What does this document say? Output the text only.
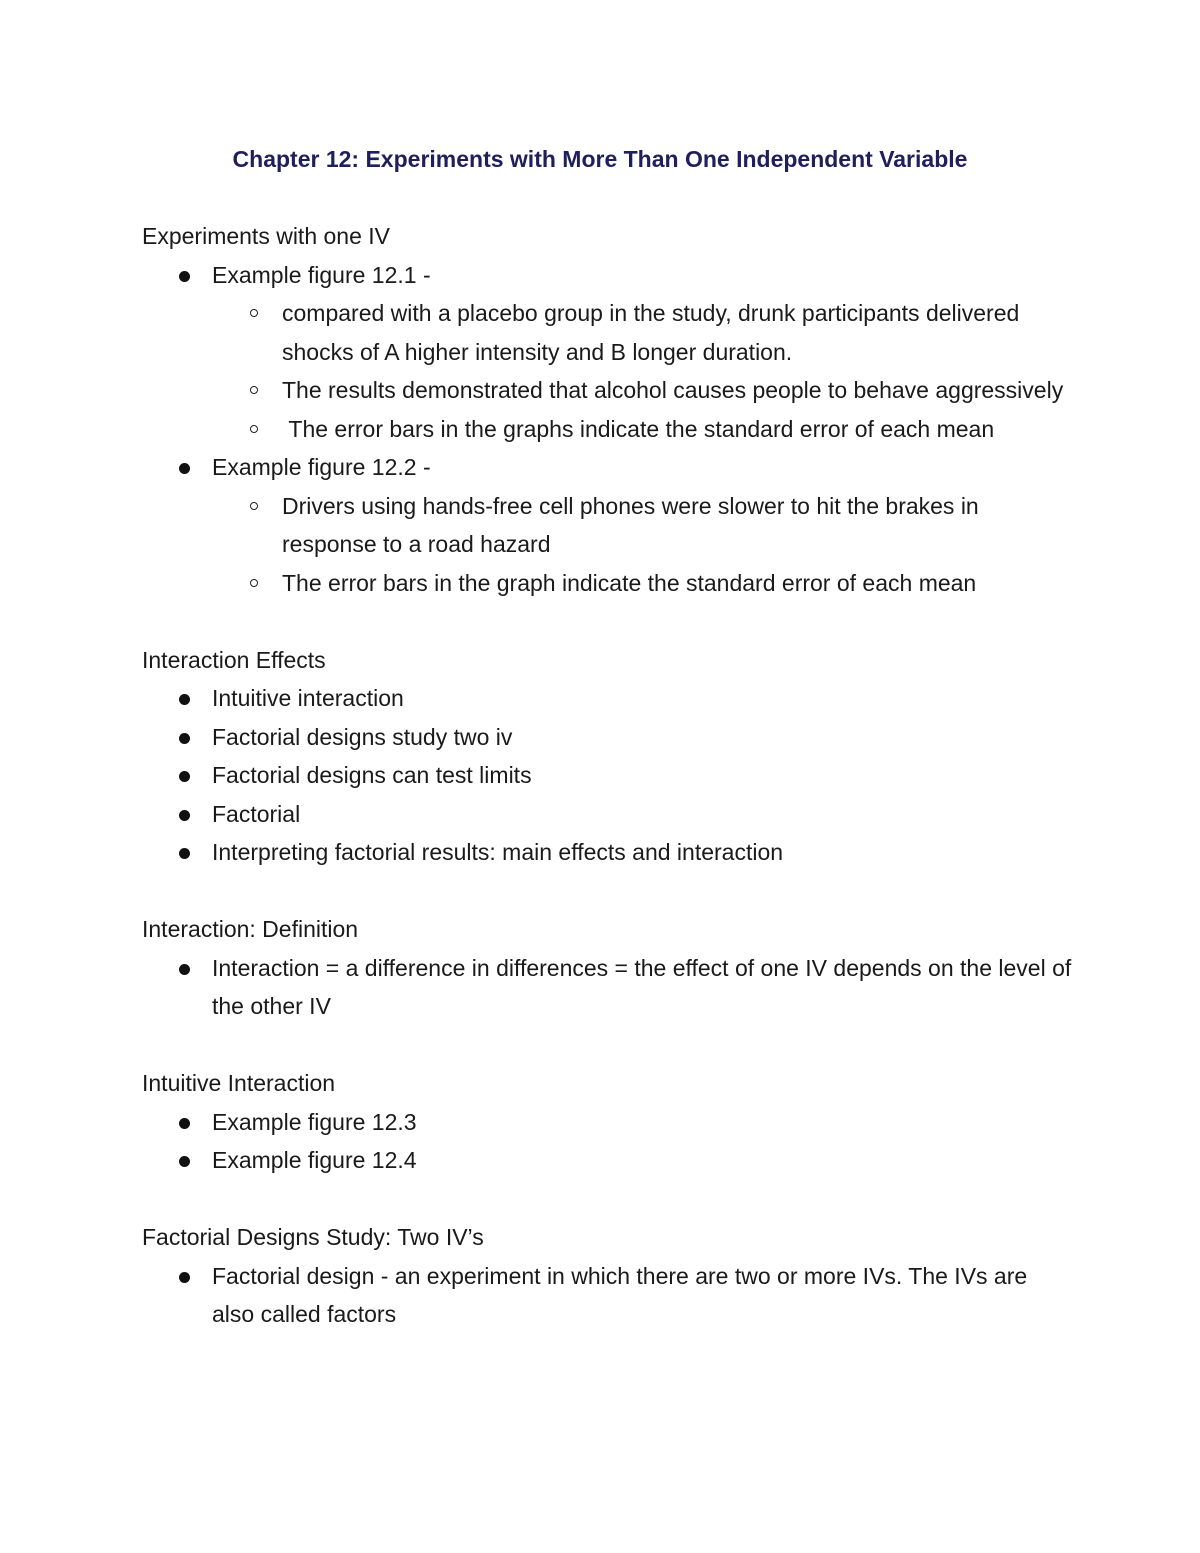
Chapter 12: Experiments with More Than One Independent Variable
Experiments with one IV
Example figure 12.1 -
compared with a placebo group in the study, drunk participants delivered shocks of A higher intensity and B longer duration.
The results demonstrated that alcohol causes people to behave aggressively
The error bars in the graphs indicate the standard error of each mean
Example figure 12.2 -
Drivers using hands-free cell phones were slower to hit the brakes in response to a road hazard
The error bars in the graph indicate the standard error of each mean
Interaction Effects
Intuitive interaction
Factorial designs study two iv
Factorial designs can test limits
Factorial
Interpreting factorial results: main effects and interaction
Interaction: Definition
Interaction = a difference in differences = the effect of one IV depends on the level of the other IV
Intuitive Interaction
Example figure 12.3
Example figure 12.4
Factorial Designs Study: Two IV’s
Factorial design - an experiment in which there are two or more IVs. The IVs are also called factors
